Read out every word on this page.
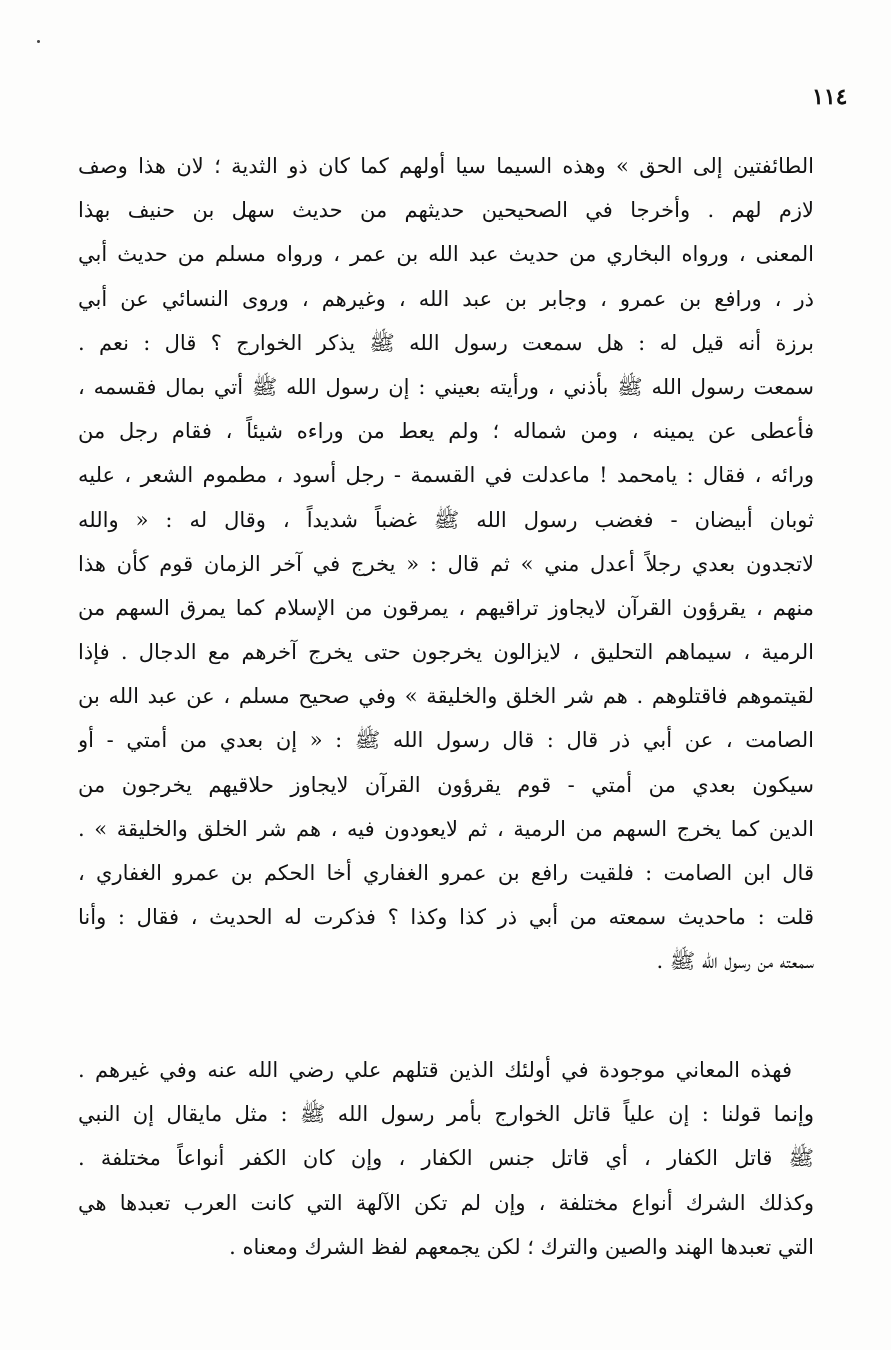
١١٤
الطائفتين إلى الحق » وهذه السيما سيا أولهم كما كان ذو الثدية ؛ لان هذا وصف
لازم لهم . وأخرجا في الصحيحين حديثهم من حديث سهل بن حنيف بهذا
المعنى ، ورواه البخاري من حديث عبد الله بن عمر ، ورواه مسلم من حديث أبي
ذر ، ورافع بن عمرو ، وجابر بن عبد الله ، وغيرهم ، وروى النسائي عن أبي
برزة أنه قيل له : هل سمعت رسول الله ﷺ يذكر الخوارج ؟ قال : نعم .
سمعت رسول الله ﷺ بأذني ، ورأيته بعيني : إن رسول الله ﷺ أتي بمال فقسمه ،
فأعطى عن يمينه ، ومن شماله ؛ ولم يعط من وراءه شيئاً ، فقام رجل من
ورائه ، فقال : يامحمد ! ماعدلت في القسمة - رجل أسود ، مطموم الشعر ، عليه
ثوبان أبيضان - فغضب رسول الله ﷺ غضباً شديداً ، وقال له : « والله
لاتجدون بعدي رجلاً أعدل مني » ثم قال : « يخرج في آخر الزمان قوم كأن هذا
منهم ، يقرؤون القرآن لايجاوز تراقيهم ، يمرقون من الإسلام كما يمرق السهم من
الرمية ، سيماهم التحليق ، لايزالون يخرجون حتى يخرج آخرهم مع الدجال . فإذا
لقيتموهم فاقتلوهم . هم شر الخلق والخليقة » وفي صحيح مسلم ، عن عبد الله بن
الصامت ، عن أبي ذر قال : قال رسول الله ﷺ : « إن بعدي من أمتي - أو
سيكون بعدي من أمتي - قوم يقرؤون القرآن لايجاوز حلاقيهم يخرجون من
الدين كما يخرج السهم من الرمية ، ثم لايعودون فيه ، هم شر الخلق والخليقة » .
قال ابن الصامت : فلقيت رافع بن عمرو الغفاري أخا الحكم بن عمرو الغفاري ،
قلت : ماحديث سمعته من أبي ذر كذا وكذا ؟ فذكرت له الحديث ، فقال : وأنا
سمعته من رسول الله ﷺ .
فهذه المعاني موجودة في أولئك الذين قتلهم علي رضي الله عنه وفي غيرهم .
وإنما قولنا : إن علياً قاتل الخوارج بأمر رسول الله ﷺ : مثل مايقال إن النبي
ﷺ قاتل الكفار ، أي قاتل جنس الكفار ، وإن كان الكفر أنواعاً مختلفة .
وكذلك الشرك أنواع مختلفة ، وإن لم تكن الآلهة التي كانت العرب تعبدها هي
التي تعبدها الهند والصين والترك ؛ لكن يجمعهم لفظ الشرك ومعناه .
